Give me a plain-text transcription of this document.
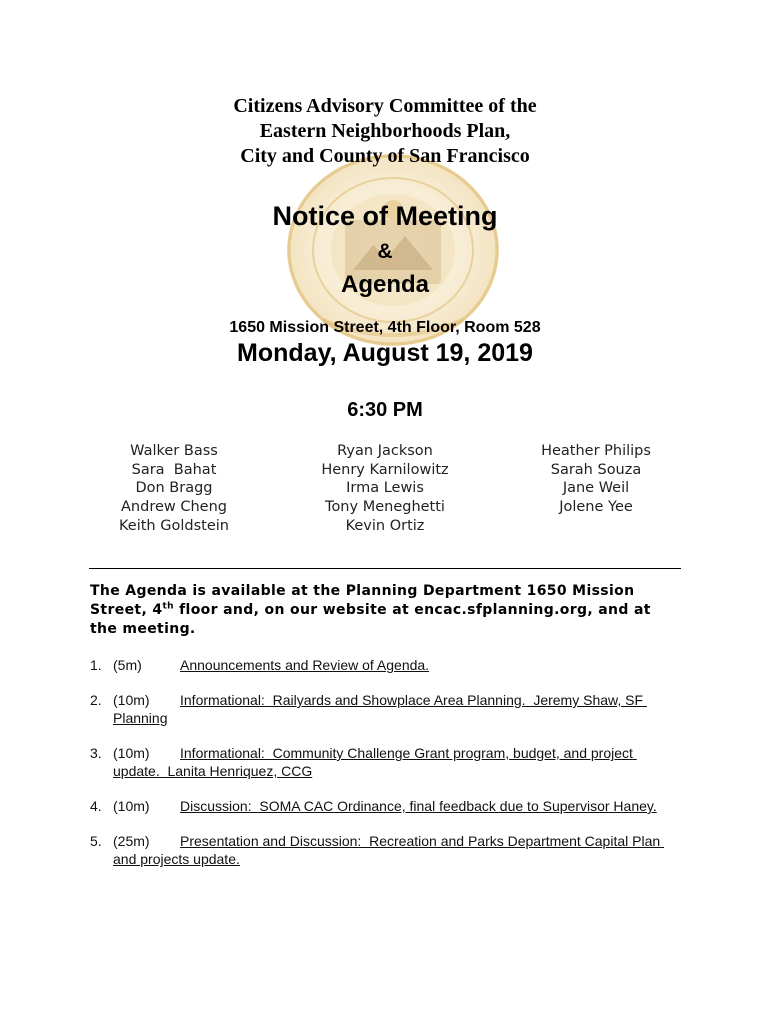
Citizens Advisory Committee of the
Eastern Neighborhoods Plan,
City and County of San Francisco
Notice of Meeting
&
Agenda
1650 Mission Street, 4th Floor, Room 528
Monday, August 19, 2019
6:30 PM
Walker Bass
Sara  Bahat
Don Bragg
Andrew Cheng
Keith Goldstein
Ryan Jackson
Henry Karnilowitz
Irma Lewis
Tony Meneghetti
Kevin Ortiz
Heather Philips
Sarah Souza
Jane Weil
Jolene Yee
The Agenda is available at the Planning Department 1650 Mission Street, 4th floor and, on our website at encac.sfplanning.org, and at the meeting.
1. (5m)	Announcements and Review of Agenda.
2. (10m) Informational:  Railyards and Showplace Area Planning.  Jeremy Shaw, SF Planning
3. (10m) Informational:  Community Challenge Grant program, budget, and project update.  Lanita Henriquez, CCG
4. (10m) Discussion:  SOMA CAC Ordinance, final feedback due to Supervisor Haney.
5. (25m) Presentation and Discussion:  Recreation and Parks Department Capital Plan and projects update.
